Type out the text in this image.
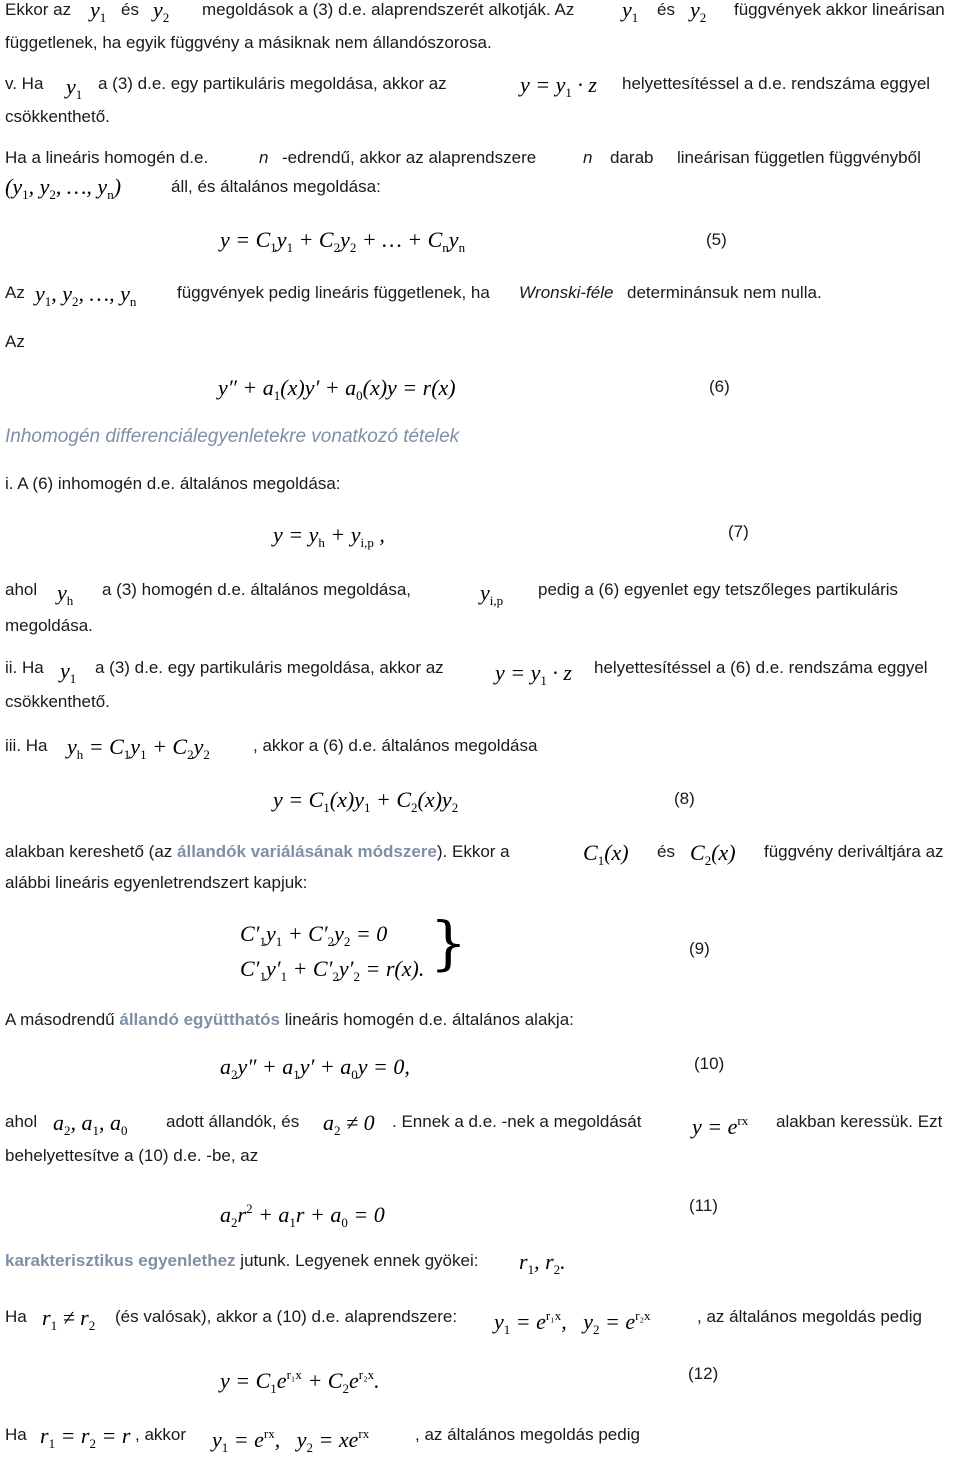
Ekkor az $y_1$ és $y_2$ megoldások a (3) d.e. alaprendszerét alkotják. Az $y_1$ és $y_2$ függvények akkor lineárisan
függetlenek, ha egyik függvény a másiknak nem állandószorosa.
v. Ha $y_1$
a (3) d.e. egy partikuláris megoldása, akkor az	$y = y_1 \cdot z$ helyettesítéssel a d.e. rendszáma eggyel
csökkenthető.
Ha a lineáris homogén d.e.	n -edrendű, akkor az alaprendszere	n darab lineárisan független függvényből
($y_1$, $y_2$, …, $y_n$)	áll, és általános megoldása:
$y = C_1y_1 + C_2y_2$ + … + $C_ny_n$	(5)
Az $y_1$, $y_2$, …, $y_n$ függvények pedig lineáris függetlenek, ha Wronski-féle determinánsuk nem nulla.
Az
$y'' + a_1(x)y' + a_0(x)y = r(x)$	(6)
Inhomogén differenciálegyenletekre vonatkozó tételek
i. A (6) inhomogén d.e. általános megoldása:
$y = y_h + y_{i,p}$ ,	(7)
ahol $y_h$
a (3) homogén d.e. általános megoldása,	$y_{i,p}$
pedig a (6) egyenlet egy tetszőleges partikuláris
megoldása.
ii. Ha $y_1$
a (3) d.e. egy partikuláris megoldása, akkor az $y = y_1 \cdot z$ helyettesítéssel a (6) d.e. rendszáma eggyel
csökkenthető.
iii. Ha $y_h = C_1y_1 + C_2y_2$	, akkor a (6) d.e. általános megoldása
$y = C_1(x)y_1 + C_2(x)y_2$	(8)
alakban kereshető (az állandók variálásának módszere). Ekkor a	$C_1(x)$ és $C_2(x)$ függvény deriváltjára az
alábbi lineáris egyenletrendszert kapjuk:
$C'_1y_1 + C'_2y_2 = 0$
$C'_1y'_1 + C'_2y'_2 = r(x)$. }	(9)
A másodrendű állandó együtthatós lineáris homogén d.e. általános alakja:
$a_2y'' + a_1y' + a_0y = 0$,	(10)
ahol $a_2$, $a_1$, $a_0$ adott állandók, és $a_2 \ne 0$ . Ennek a d.e. -nek a megoldását $y = e^{rx}$ alakban keressük. Ezt
behelyettesítve a (10) d.e. -be, az
$a_2r^2 + a_1r + a_0 = 0$	(11)
karakterisztikus egyenlethez jutunk. Legyenek ennek gyökei: $r_1$, $r_2$.
Ha $r_1 \ne r_2$ (és valósak), akkor a (10) d.e. alaprendszere: $y_1 = e^{r_1x}$,   $y_2 = e^{r_2x}$	, az általános megoldás pedig
$y = C_1e^{r_1x} + C_2e^{r_2x}$.	(12)
Ha $r_1 = r_2 = r$ , akkor $y_1 = e^{rx}$,   $y_2 = xe^{rx}$	, az általános megoldás pedig
